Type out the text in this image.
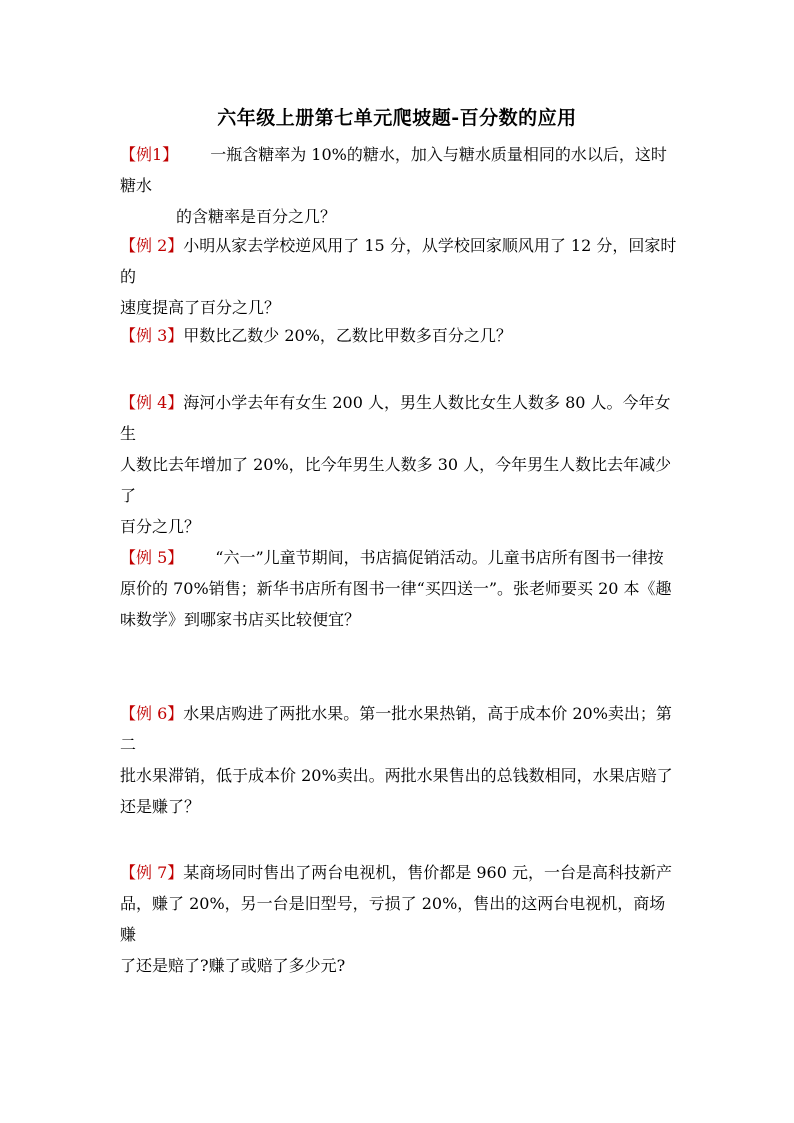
六年级上册第七单元爬坡题-百分数的应用
【例1】 一瓶含糖率为 10%的糖水，加入与糖水质量相同的水以后，这时糖水
的含糖率是百分之几？
【例 2】小明从家去学校逆风用了 15 分，从学校回家顺风用了 12 分，回家时的
速度提高了百分之几？
【例 3】甲数比乙数少 20%，乙数比甲数多百分之几？
【例 4】海河小学去年有女生 200 人，男生人数比女生人数多 80 人。今年女生
人数比去年增加了 20%，比今年男生人数多 30 人，今年男生人数比去年减少了
百分之几？
【例 5】 “六一”儿童节期间，书店搞促销活动。儿童书店所有图书一律按
原价的 70%销售；新华书店所有图书一律“买四送一”。张老师要买 20 本《趣
味数学》到哪家书店买比较便宜？
【例 6】水果店购进了两批水果。第一批水果热销，高于成本价 20%卖出；第二
批水果滞销，低于成本价 20%卖出。两批水果售出的总钱数相同，水果店赔了
还是赚了？
【例 7】某商场同时售出了两台电视机，售价都是 960 元，一台是高科技新产
品，赚了 20%，另一台是旧型号，亏损了 20%，售出的这两台电视机，商场赚
了还是赔了?赚了或赔了多少元?
